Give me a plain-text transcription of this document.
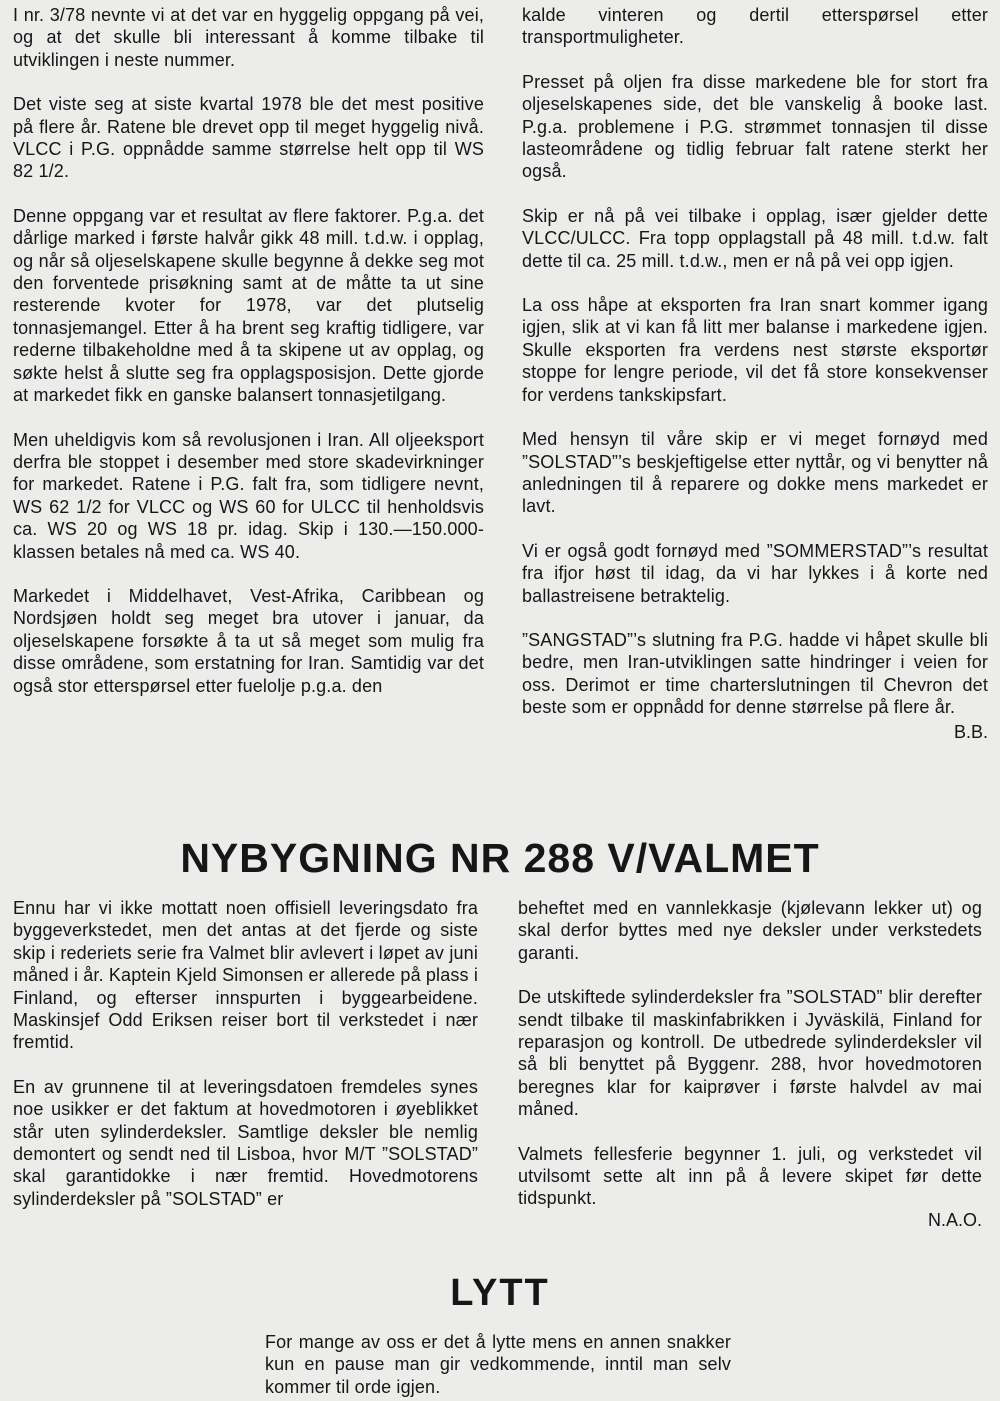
I nr. 3/78 nevnte vi at det var en hyggelig oppgang på vei, og at det skulle bli interessant å komme tilbake til utviklingen i neste nummer.

Det viste seg at siste kvartal 1978 ble det mest positive på flere år. Ratene ble drevet opp til meget hyggelig nivå. VLCC i P.G. oppnådde samme størrelse helt opp til WS 82 1/2.

Denne oppgang var et resultat av flere faktorer. P.g.a. det dårlige marked i første halvår gikk 48 mill. t.d.w. i opplag, og når så oljeselskapene skulle begynne å dekke seg mot den forventede prisøkning samt at de måtte ta ut sine resterende kvoter for 1978, var det plutselig tonnasjemangel. Etter å ha brent seg kraftig tidligere, var rederne tilbakeholdne med å ta skipene ut av opplag, og søkte helst å slutte seg fra opplagsposisjon. Dette gjorde at markedet fikk en ganske balansert tonnasjetilgang.

Men uheldigvis kom så revolusjonen i Iran. All oljeeksport derfra ble stoppet i desember med store skadevirkninger for markedet. Ratene i P.G. falt fra, som tidligere nevnt, WS 62 1/2 for VLCC og WS 60 for ULCC til henholdsvis ca. WS 20 og WS 18 pr. idag. Skip i 130.—150.000-klassen betales nå med ca. WS 40.

Markedet i Middelhavet, Vest-Afrika, Caribbean og Nordsjøen holdt seg meget bra utover i januar, da oljeselskapene forsøkte å ta ut så meget som mulig fra disse områdene, som erstatning for Iran. Samtidig var det også stor etterspørsel etter fuelolje p.g.a. den

kalde vinteren og dertil etterspørsel etter transportmuligheter.

Presset på oljen fra disse markedene ble for stort fra oljeselskapenes side, det ble vanskelig å booke last. P.g.a. problemene i P.G. strømmet tonnasjen til disse lasteområdene og tidlig februar falt ratene sterkt her også.

Skip er nå på vei tilbake i opplag, især gjelder dette VLCC/ULCC. Fra topp opplagstall på 48 mill. t.d.w. falt dette til ca. 25 mill. t.d.w., men er nå på vei opp igjen.

La oss håpe at eksporten fra Iran snart kommer igang igjen, slik at vi kan få litt mer balanse i markedene igjen. Skulle eksporten fra verdens nest største eksportør stoppe for lengre periode, vil det få store konsekvenser for verdens tankskipsfart.

Med hensyn til våre skip er vi meget fornøyd med ”SOLSTAD”’s beskjeftigelse etter nyttår, og vi benytter nå anledningen til å reparere og dokke mens markedet er lavt.

Vi er også godt fornøyd med ”SOMMERSTAD”’s resultat fra ifjor høst til idag, da vi har lykkes i å korte ned ballastreisene betraktelig.

”SANGSTAD”’s slutning fra P.G. hadde vi håpet skulle bli bedre, men Iran-utviklingen satte hindringer i veien for oss. Derimot er time charterslutningen til Chevron det beste som er oppnådd for denne størrelse på flere år.

B.B.

NYBYGNING NR 288 V/VALMET

Ennu har vi ikke mottatt noen offisiell leveringsdato fra byggeverkstedet, men det antas at det fjerde og siste skip i rederiets serie fra Valmet blir avlevert i løpet av juni måned i år. Kaptein Kjeld Simonsen er allerede på plass i Finland, og efterser innspurten i byggearbeidene. Maskinsjef Odd Eriksen reiser bort til verkstedet i nær fremtid.

En av grunnene til at leveringsdatoen fremdeles synes noe usikker er det faktum at hovedmotoren i øyeblikket står uten sylinderdeksler. Samtlige deksler ble nemlig demontert og sendt ned til Lisboa, hvor M/T ”SOLSTAD” skal garantidokke i nær fremtid. Hovedmotorens sylinderdeksler på ”SOLSTAD” er

beheftet med en vannlekkasje (kjølevann lekker ut) og skal derfor byttes med nye deksler under verkstedets garanti.

De utskiftede sylinderdeksler fra ”SOLSTAD” blir derefter sendt tilbake til maskinfabrikken i Jyväskilä, Finland for reparasjon og kontroll. De utbedrede sylinderdeksler vil så bli benyttet på Byggenr. 288, hvor hovedmotoren beregnes klar for kaiprøver i første halvdel av mai måned.

Valmets fellesferie begynner 1. juli, og verkstedet vil utvilsomt sette alt inn på å levere skipet før dette tidspunkt.

N.A.O.

LYTT

For mange av oss er det å lytte mens en annen snakker kun en pause man gir vedkommende, inntil man selv kommer til orde igjen.
